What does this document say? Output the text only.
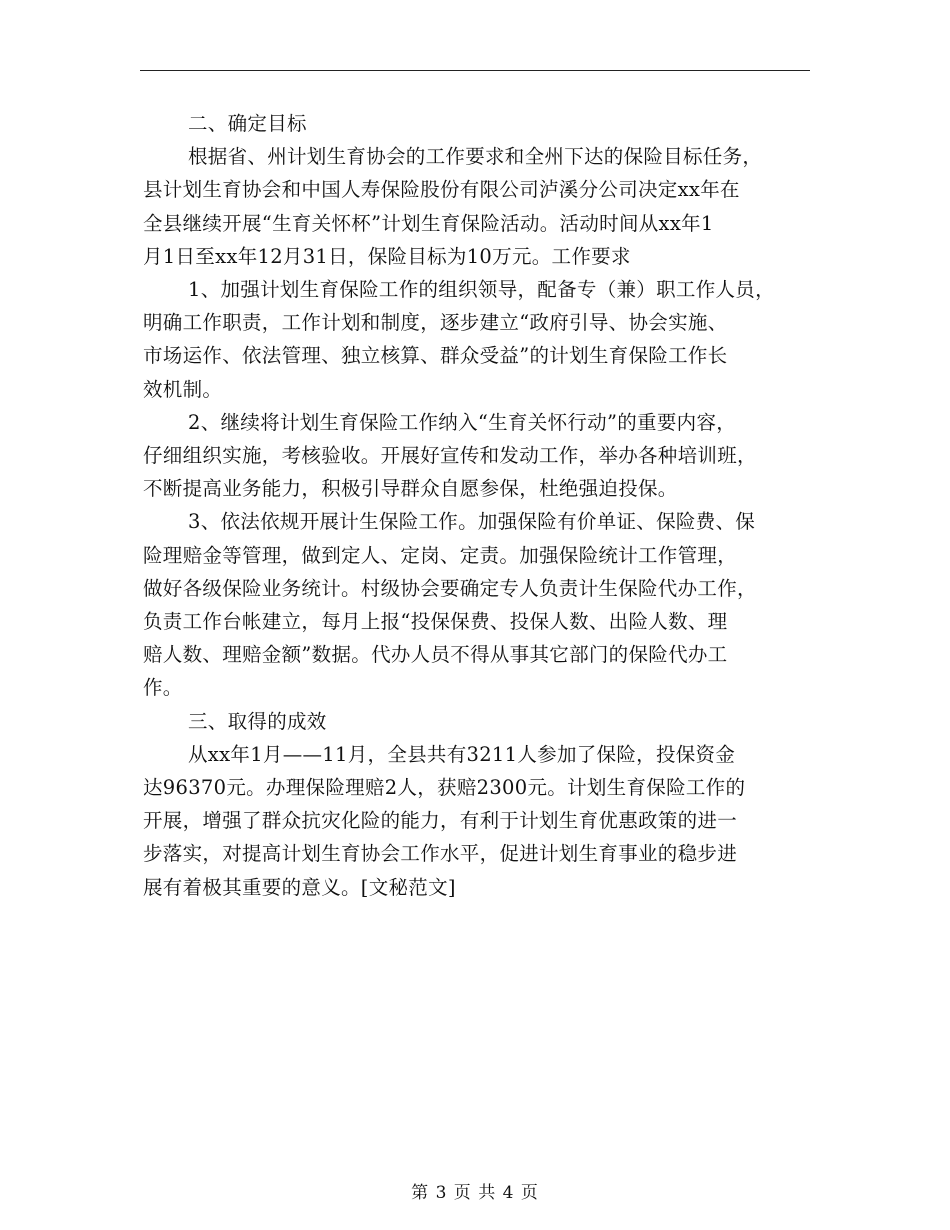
二、确定目标

根据省、州计划生育协会的工作要求和全州下达的保险目标任务，

县计划生育协会和中国人寿保险股份有限公司泸溪分公司决定xx年在

全县继续开展“生育关怀杯”计划生育保险活动。活动时间从xx年1

月1日至xx年12月31日，保险目标为10万元。工作要求

1、加强计划生育保险工作的组织领导，配备专（兼）职工作人员，

明确工作职责，工作计划和制度，逐步建立“政府引导、协会实施、

市场运作、依法管理、独立核算、群众受益”的计划生育保险工作长

效机制。

2、继续将计划生育保险工作纳入“生育关怀行动”的重要内容，

仔细组织实施，考核验收。开展好宣传和发动工作，举办各种培训班，

不断提高业务能力，积极引导群众自愿参保，杜绝强迫投保。

3、依法依规开展计生保险工作。加强保险有价单证、保险费、保

险理赔金等管理，做到定人、定岗、定责。加强保险统计工作管理，

做好各级保险业务统计。村级协会要确定专人负责计生保险代办工作，

负责工作台帐建立，每月上报“投保保费、投保人数、出险人数、理

赔人数、理赔金额”数据。代办人员不得从事其它部门的保险代办工

作。

三、取得的成效

从xx年1月——11月，全县共有3211人参加了保险，投保资金

达96370元。办理保险理赔2人，获赔2300元。计划生育保险工作的

开展，增强了群众抗灾化险的能力，有利于计划生育优惠政策的进一

步落实，对提高计划生育协会工作水平，促进计划生育事业的稳步进

展有着极其重要的意义。[文秘范文]

第 3 页 共 4 页
